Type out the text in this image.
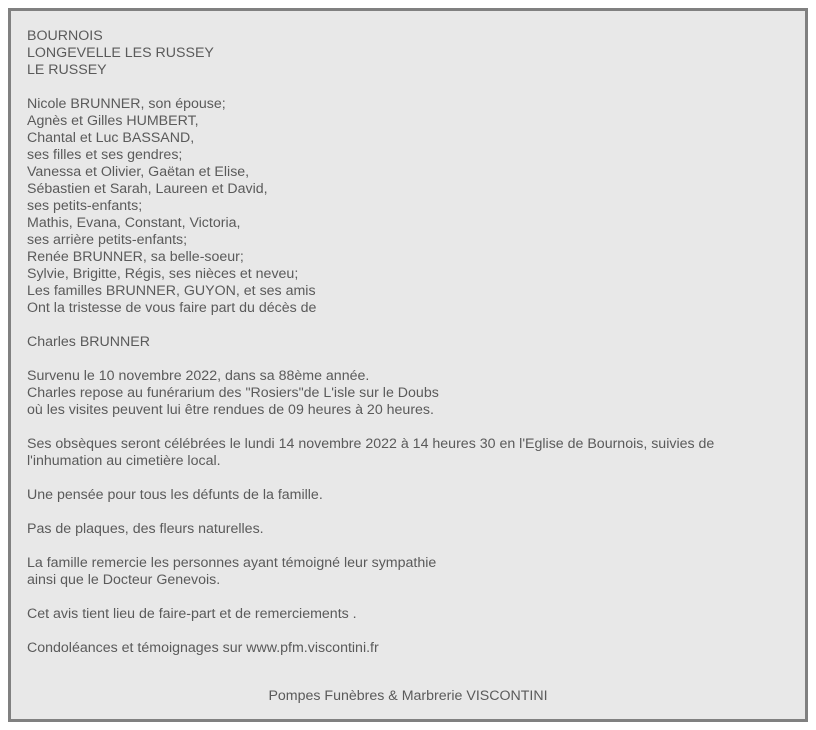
BOURNOIS
LONGEVELLE LES RUSSEY
LE RUSSEY

Nicole BRUNNER, son épouse;
Agnès et Gilles HUMBERT,
Chantal et Luc BASSAND,
ses filles et ses gendres;
Vanessa et Olivier, Gaëtan et Elise,
Sébastien et Sarah, Laureen et David,
ses petits-enfants;
Mathis, Evana, Constant, Victoria,
ses arrière petits-enfants;
Renée BRUNNER, sa belle-soeur;
Sylvie, Brigitte, Régis, ses nièces et neveu;
Les familles BRUNNER, GUYON, et ses amis
Ont la tristesse de vous faire part du décès de

Charles BRUNNER

Survenu le 10 novembre 2022, dans sa 88ème année.
Charles repose au funérarium des "Rosiers"de L'isle sur le Doubs
où les visites peuvent lui être rendues de 09 heures à 20 heures.

Ses obsèques seront célébrées le lundi 14 novembre 2022 à 14 heures 30 en l'Eglise de Bournois, suivies de
l'inhumation au cimetière local.

Une pensée pour tous les défunts de la famille.

Pas de plaques, des fleurs naturelles.

La famille remercie les personnes ayant témoigné leur sympathie
ainsi que le Docteur Genevois.

Cet avis tient lieu de faire-part et de remerciements .

Condoléances et témoignages sur www.pfm.viscontini.fr
Pompes Funèbres & Marbrerie VISCONTINI
